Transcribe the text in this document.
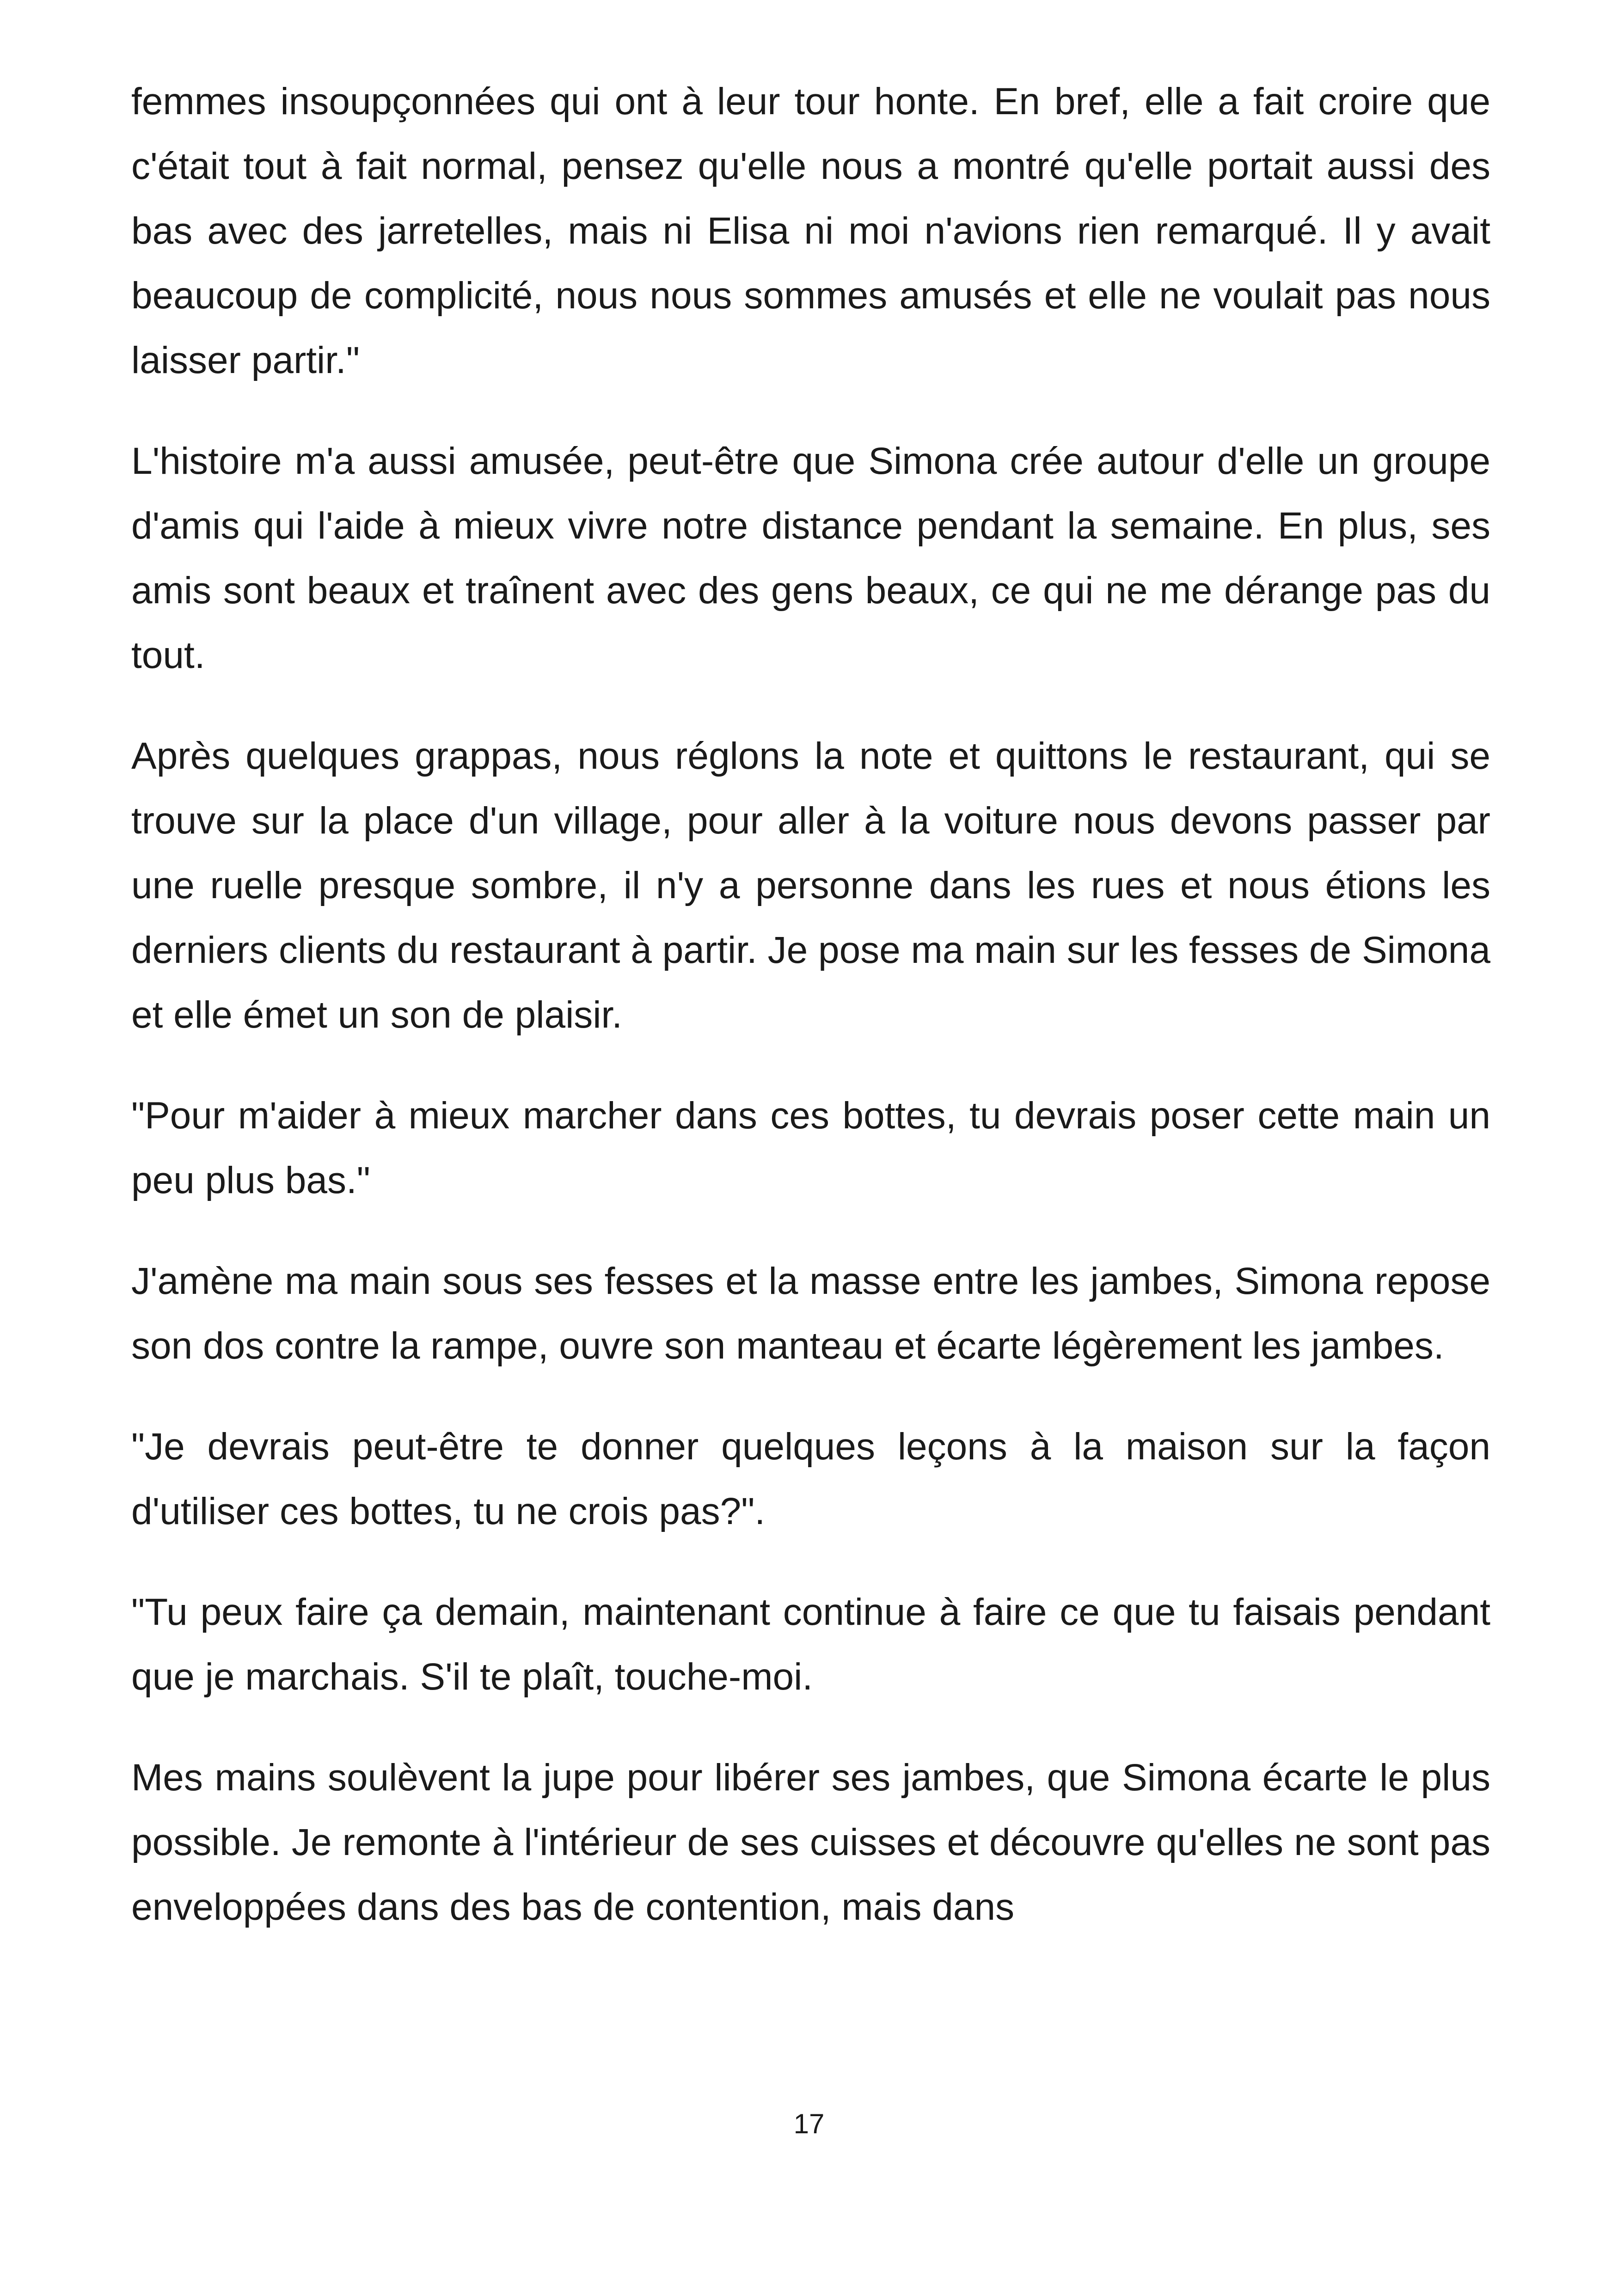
femmes insoupçonnées qui ont à leur tour honte. En bref, elle a fait croire que c'était tout à fait normal, pensez qu'elle nous a montré qu'elle portait aussi des bas avec des jarretelles, mais ni Elisa ni moi n'avions rien remarqué. Il y avait beaucoup de complicité, nous nous sommes amusés et elle ne voulait pas nous laisser partir."

L'histoire m'a aussi amusée, peut-être que Simona crée autour d'elle un groupe d'amis qui l'aide à mieux vivre notre distance pendant la semaine. En plus, ses amis sont beaux et traînent avec des gens beaux, ce qui ne me dérange pas du tout.

Après quelques grappas, nous réglons la note et quittons le restaurant, qui se trouve sur la place d'un village, pour aller à la voiture nous devons passer par une ruelle presque sombre, il n'y a personne dans les rues et nous étions les derniers clients du restaurant à partir. Je pose ma main sur les fesses de Simona et elle émet un son de plaisir.

"Pour m'aider à mieux marcher dans ces bottes, tu devrais poser cette main un peu plus bas."

J'amène ma main sous ses fesses et la masse entre les jambes, Simona repose son dos contre la rampe, ouvre son manteau et écarte légèrement les jambes.

"Je devrais peut-être te donner quelques leçons à la maison sur la façon d'utiliser ces bottes, tu ne crois pas?".

"Tu peux faire ça demain, maintenant continue à faire ce que tu faisais pendant que je marchais. S'il te plaît, touche-moi.

Mes mains soulèvent la jupe pour libérer ses jambes, que Simona écarte le plus possible. Je remonte à l'intérieur de ses cuisses et découvre qu'elles ne sont pas enveloppées dans des bas de contention, mais dans

17
